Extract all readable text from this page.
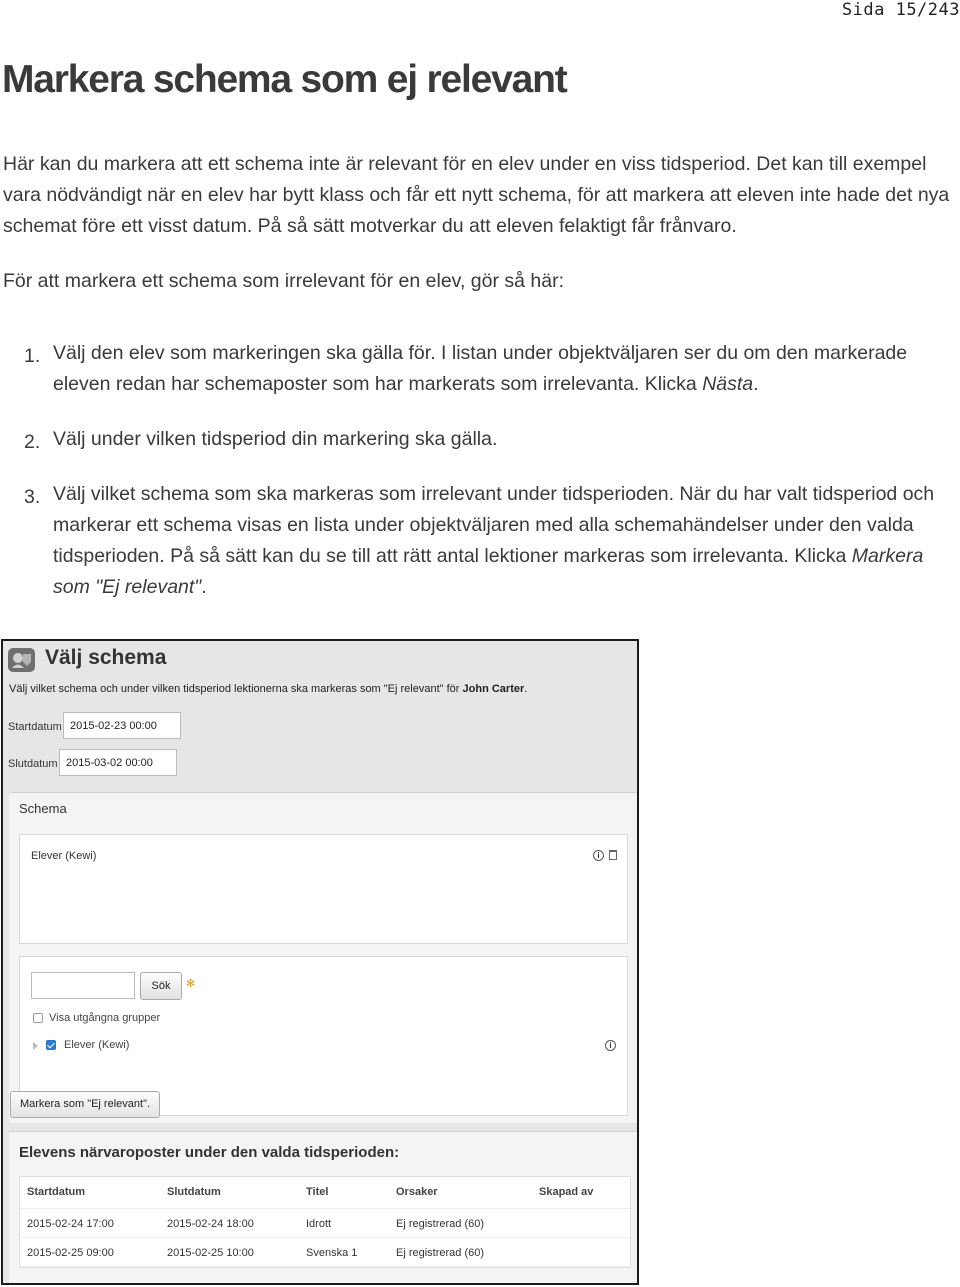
Sida 15/243
Markera schema som ej relevant

Här kan du markera att ett schema inte är relevant för en elev under en viss tidsperiod. Det kan till exempel vara nödvändigt när en elev har bytt klass och får ett nytt schema, för att markera att eleven inte hade det nya schemat före ett visst datum. På så sätt motverkar du att eleven felaktigt får frånvaro.

För att markera ett schema som irrelevant för en elev, gör så här:

1. Välj den elev som markeringen ska gälla för. I listan under objektväljaren ser du om den markerade eleven redan har schemaposter som har markerats som irrelevanta. Klicka Nästa.
2. Välj under vilken tidsperiod din markering ska gälla.
3. Välj vilket schema som ska markeras som irrelevant under tidsperioden. När du har valt tidsperiod och markerar ett schema visas en lista under objektväljaren med alla schemahändelser under den valda tidsperioden. På så sätt kan du se till att rätt antal lektioner markeras som irrelevanta. Klicka Markera som "Ej relevant".
Välj schema
Välj vilket schema och under vilken tidsperiod lektionerna ska markeras som "Ej relevant" för John Carter.
Startdatum 2015-02-23 00:00
Slutdatum 2015-03-02 00:00
Schema
Elever (Kewi)	i
Sök	✻
Visa utgångna grupper
Elever (Kewi)	i
Markera som "Ej relevant".
Elevens närvaroposter under den valda tidsperioden:
Startdatum	Slutdatum	Titel	Orsaker	Skapad av
2015-02-24 17:00	2015-02-24 18:00	Idrott	Ej registrerad (60)
2015-02-25 09:00	2015-02-25 10:00	Svenska 1	Ej registrerad (60)
